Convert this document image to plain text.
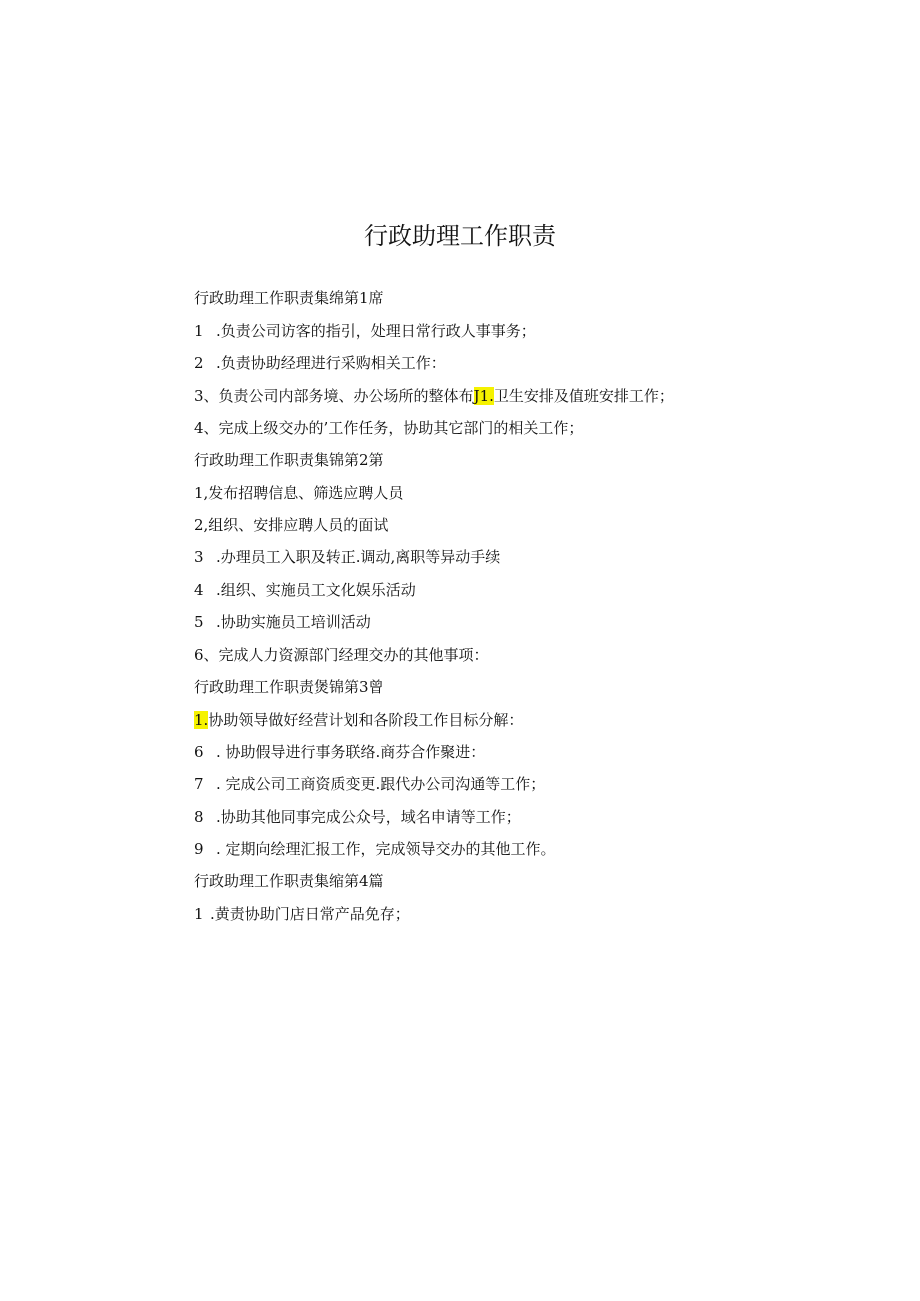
行政助理工作职责

行政助理工作职责集绵第1席

1 .负责公司访客的指引，处理日常行政人事事务；

2 .负责协助经理进行采购相关工作：

3、负责公司内部务境、办公场所的整体布J1.卫生安排及值班安排工作；

4、完成上级交办的’工作任务，协助其它部门的相关工作；

行政助理工作职责集锦第2第

1,发布招聘信息、筛选应聘人员

2,组织、安排应聘人员的面试

3 .办理员工入职及转正.调动,离职等异动手续

4 .组织、实施员工文化娱乐活动

5 .协助实施员工培训活动

6、完成人力资源部门经理交办的其他事项：

行政助理工作职责煲锦第3曾

1.协助领导做好经营计划和各阶段工作目标分解：

6 . 协助假导进行事务联络.商芬合作聚进：

7 . 完成公司工商资质变更.跟代办公司沟通等工作；

8 .协助其他同事完成公众号，域名申请等工作；

9 . 定期向绘理汇报工作，完成领导交办的其他工作。

行政助理工作职责集缩第4篇

1 .黄责协助门店日常产品免存；
